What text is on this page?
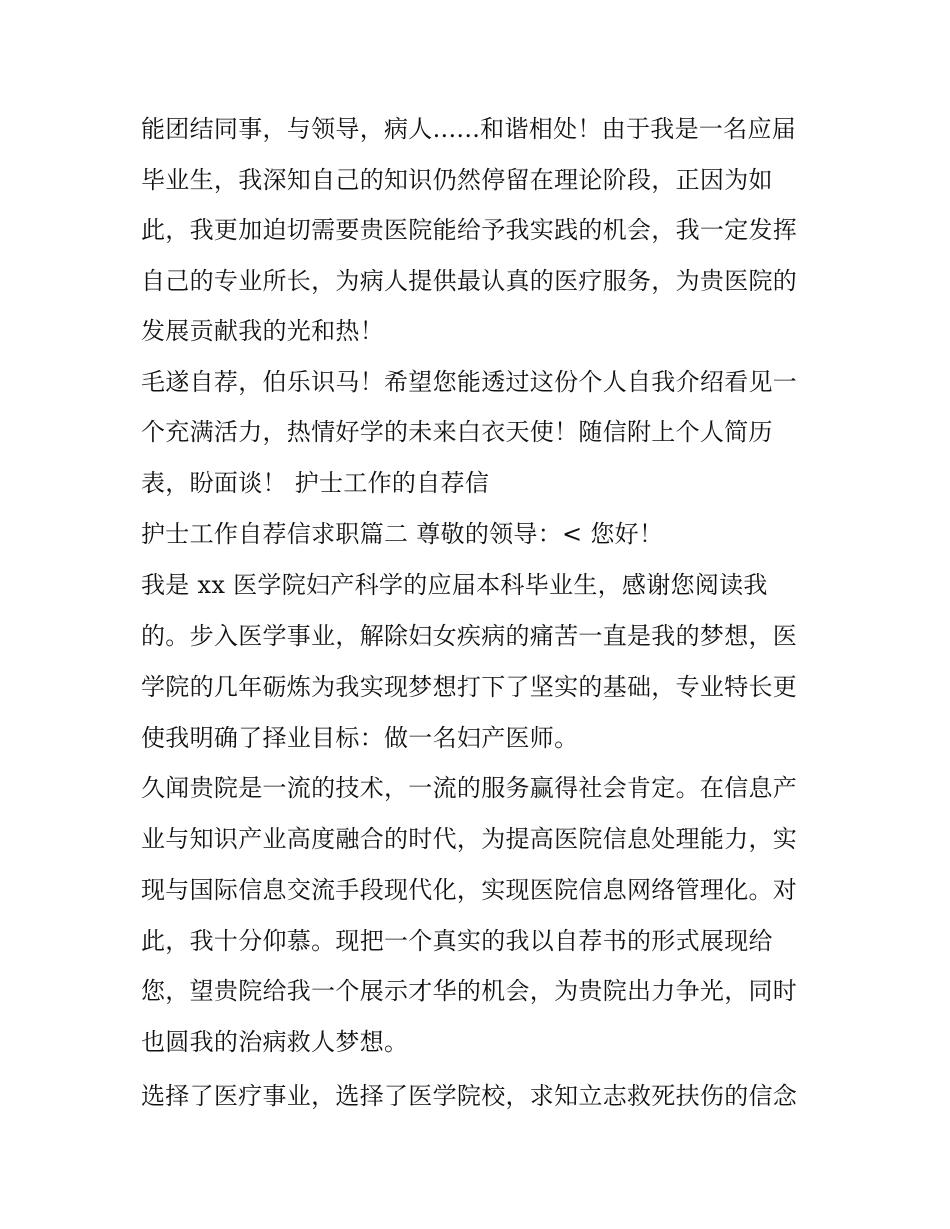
能团结同事，与领导，病人......和谐相处！由于我是一名应届
毕业生，我深知自己的知识仍然停留在理论阶段，正因为如
此，我更加迫切需要贵医院能给予我实践的机会，我一定发挥
自己的专业所长，为病人提供最认真的医疗服务，为贵医院的
发展贡献我的光和热！
毛遂自荐，伯乐识马！希望您能透过这份个人自我介绍看见一
个充满活力，热情好学的未来白衣天使！随信附上个人简历
表，盼面谈！ 护士工作的自荐信
护士工作自荐信求职篇二 尊敬的领导：< 您好！
我是 xx 医学院妇产科学的应届本科毕业生，感谢您阅读我
的。步入医学事业，解除妇女疾病的痛苦一直是我的梦想，医
学院的几年砺炼为我实现梦想打下了坚实的基础，专业特长更
使我明确了择业目标：做一名妇产医师。
久闻贵院是一流的技术，一流的服务赢得社会肯定。在信息产
业与知识产业高度融合的时代，为提高医院信息处理能力，实
现与国际信息交流手段现代化，实现医院信息网络管理化。对
此，我十分仰慕。现把一个真实的我以自荐书的形式展现给
您，望贵院给我一个展示才华的机会，为贵院出力争光，同时
也圆我的治病救人梦想。
选择了医疗事业，选择了医学院校，求知立志救死扶伤的信念
